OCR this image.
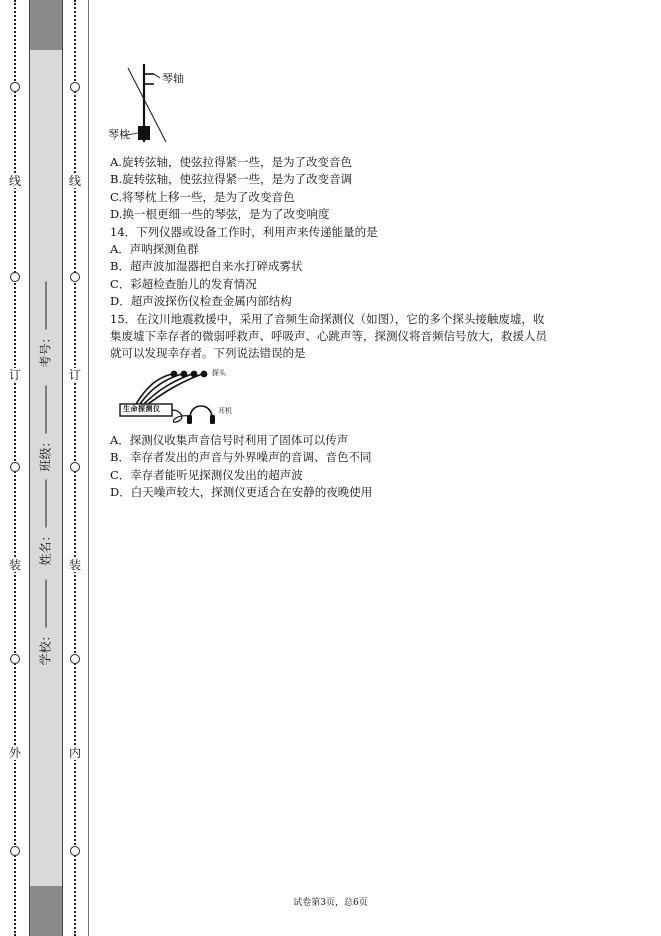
线
订
装
外
学校：
姓名：
班级：
考号：
线
订
装
内
琴轴
琴枕
A.旋转弦轴，使弦拉得紧一些，是为了改变音色
B.旋转弦轴，使弦拉得紧一些，是为了改变音调
C.将琴枕上移一些，是为了改变音色
D.换一根更细一些的琴弦，是为了改变响度
14．下列仪器或设备工作时，利用声来传递能量的是
A．声呐探测鱼群
B．超声波加湿器把自来水打碎成雾状
C．彩超检查胎儿的发育情况
D．超声波探伤仪检查金属内部结构
15．在汶川地震救援中，采用了音频生命探测仪（如图），它的多个探头接触废墟，收
集废墟下幸存者的微弱呼救声、呼吸声、心跳声等，探测仪将音频信号放大，救援人员
就可以发现幸存者。下列说法错误的是
生命探测仪
探头
耳机
A．探测仪收集声音信号时利用了固体可以传声
B．幸存者发出的声音与外界噪声的音调、音色不同
C．幸存者能听见探测仪发出的超声波
D．白天噪声较大，探测仪更适合在安静的夜晚使用
试卷第3页，总6页
